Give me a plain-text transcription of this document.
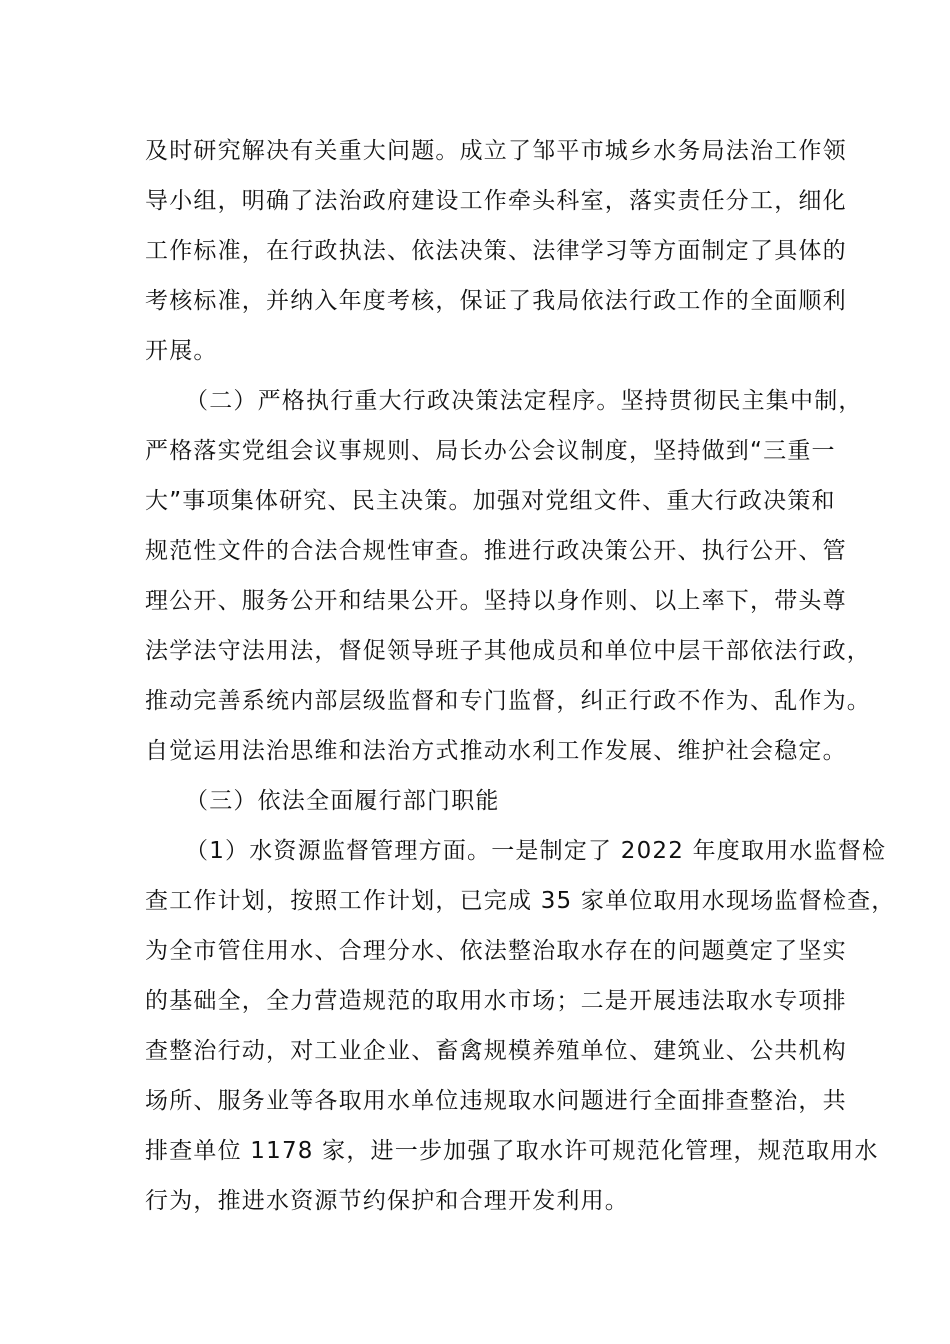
及时研究解决有关重大问题。成立了邹平市城乡水务局法治工作领
导小组，明确了法治政府建设工作牵头科室，落实责任分工，细化
工作标准，在行政执法、依法决策、法律学习等方面制定了具体的
考核标准，并纳入年度考核，保证了我局依法行政工作的全面顺利
开展。
（二）严格执行重大行政决策法定程序。坚持贯彻民主集中制，
严格落实党组会议事规则、局长办公会议制度，坚持做到“三重一
大”事项集体研究、民主决策。加强对党组文件、重大行政决策和
规范性文件的合法合规性审查。推进行政决策公开、执行公开、管
理公开、服务公开和结果公开。坚持以身作则、以上率下，带头尊
法学法守法用法，督促领导班子其他成员和单位中层干部依法行政，
推动完善系统内部层级监督和专门监督，纠正行政不作为、乱作为。
自觉运用法治思维和法治方式推动水利工作发展、维护社会稳定。
（三）依法全面履行部门职能
（1）水资源监督管理方面。一是制定了 2022 年度取用水监督检
查工作计划，按照工作计划，已完成 35 家单位取用水现场监督检查，
为全市管住用水、合理分水、依法整治取水存在的问题奠定了坚实
的基础全，全力营造规范的取用水市场；二是开展违法取水专项排
查整治行动，对工业企业、畜禽规模养殖单位、建筑业、公共机构
场所、服务业等各取用水单位违规取水问题进行全面排查整治，共
排查单位 1178 家，进一步加强了取水许可规范化管理，规范取用水
行为，推进水资源节约保护和合理开发利用。
